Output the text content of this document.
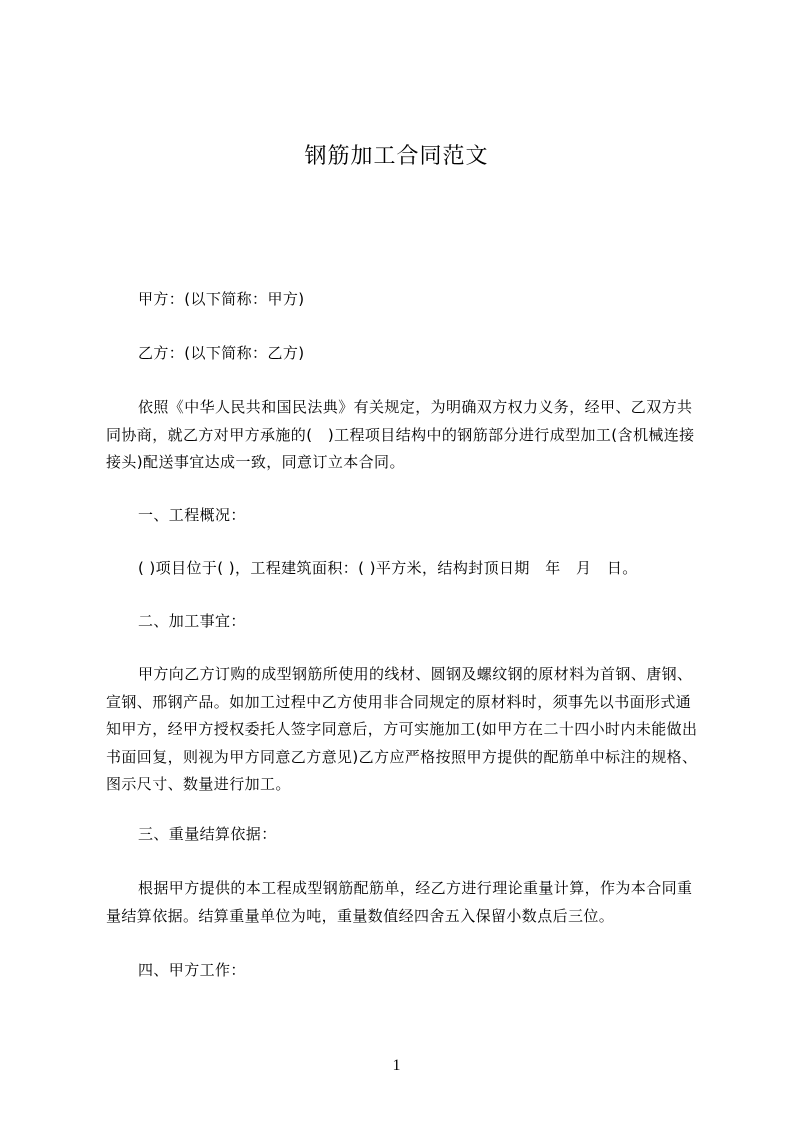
钢筋加工合同范文

甲方：(以下简称：甲方)

乙方：(以下简称：乙方)

依照《中华人民共和国民法典》有关规定，为明确双方权力义务，经甲、乙双方共同协商，就乙方对甲方承施的(　)工程项目结构中的钢筋部分进行成型加工(含机械连接接头)配送事宜达成一致，同意订立本合同。

一、工程概况：

( )项目位于( )，工程建筑面积：( )平方米，结构封顶日期　年　月　日。

二、加工事宜：

甲方向乙方订购的成型钢筋所使用的线材、圆钢及螺纹钢的原材料为首钢、唐钢、宣钢、邢钢产品。如加工过程中乙方使用非合同规定的原材料时，须事先以书面形式通知甲方，经甲方授权委托人签字同意后，方可实施加工(如甲方在二十四小时内未能做出书面回复，则视为甲方同意乙方意见)乙方应严格按照甲方提供的配筋单中标注的规格、图示尺寸、数量进行加工。

三、重量结算依据：

根据甲方提供的本工程成型钢筋配筋单，经乙方进行理论重量计算，作为本合同重量结算依据。结算重量单位为吨，重量数值经四舍五入保留小数点后三位。

四、甲方工作：

1
